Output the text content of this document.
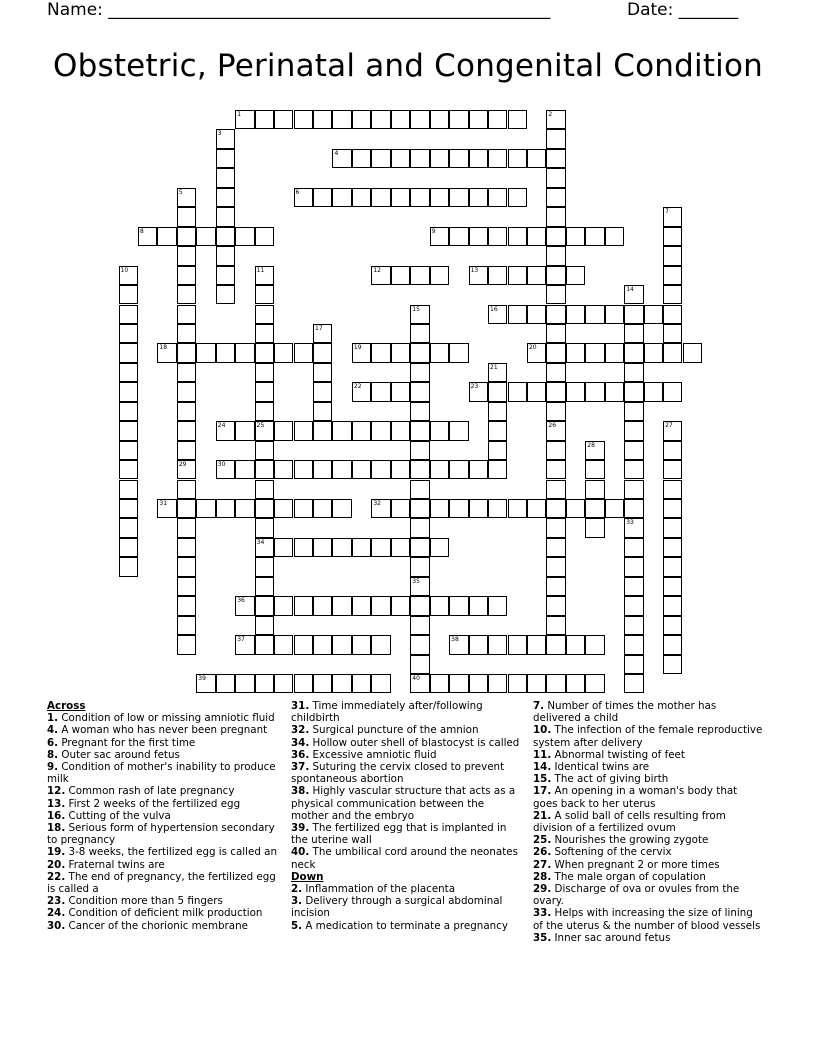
Name: ____________________________________________________	Date: _______
Obstetric, Perinatal and Congenital Condition
1
4
6
8	9
12	13
16
18	19	20
22	23
24	25
30
31	32
34
36
37	38
39	40
2
3
5
29
7
10	11
14
33
15
35
17
21
26	27
28
Across
1. Condition of low or missing amniotic fluid
4. A woman who has never been pregnant
6. Pregnant for the first time
8. Outer sac around fetus
9. Condition of mother's inability to produce milk
12. Common rash of late pregnancy
13. First 2 weeks of the fertilized egg
16. Cutting of the vulva
18. Serious form of hypertension secondary to pregnancy
19. 3-8 weeks, the fertilized egg is called an
20. Fraternal twins are
22. The end of pregnancy, the fertilized egg is called a
23. Condition more than 5 fingers
24. Condition of deficient milk production
30. Cancer of the chorionic membrane
31. Time immediately after/following childbirth
32. Surgical puncture of the amnion
34. Hollow outer shell of blastocyst is called
36. Excessive amniotic fluid
37. Suturing the cervix closed to prevent spontaneous abortion
38. Highly vascular structure that acts as a physical communication between the mother and the embryo
39. The fertilized egg that is implanted in the uterine wall
40. The umbilical cord around the neonates neck
Down
2. Inflammation of the placenta
3. Delivery through a surgical abdominal incision
5. A medication to terminate a pregnancy
7. Number of times the mother has delivered a child
10. The infection of the female reproductive system after delivery
11. Abnormal twisting of feet
14. Identical twins are
15. The act of giving birth
17. An opening in a woman's body that goes back to her uterus
21. A solid ball of cells resulting from division of a fertilized ovum
25. Nourishes the growing zygote
26. Softening of the cervix
27. When pregnant 2 or more times
28. The male organ of copulation
29. Discharge of ova or ovules from the ovary.
33. Helps with increasing the size of lining of the uterus & the number of blood vessels
35. Inner sac around fetus
